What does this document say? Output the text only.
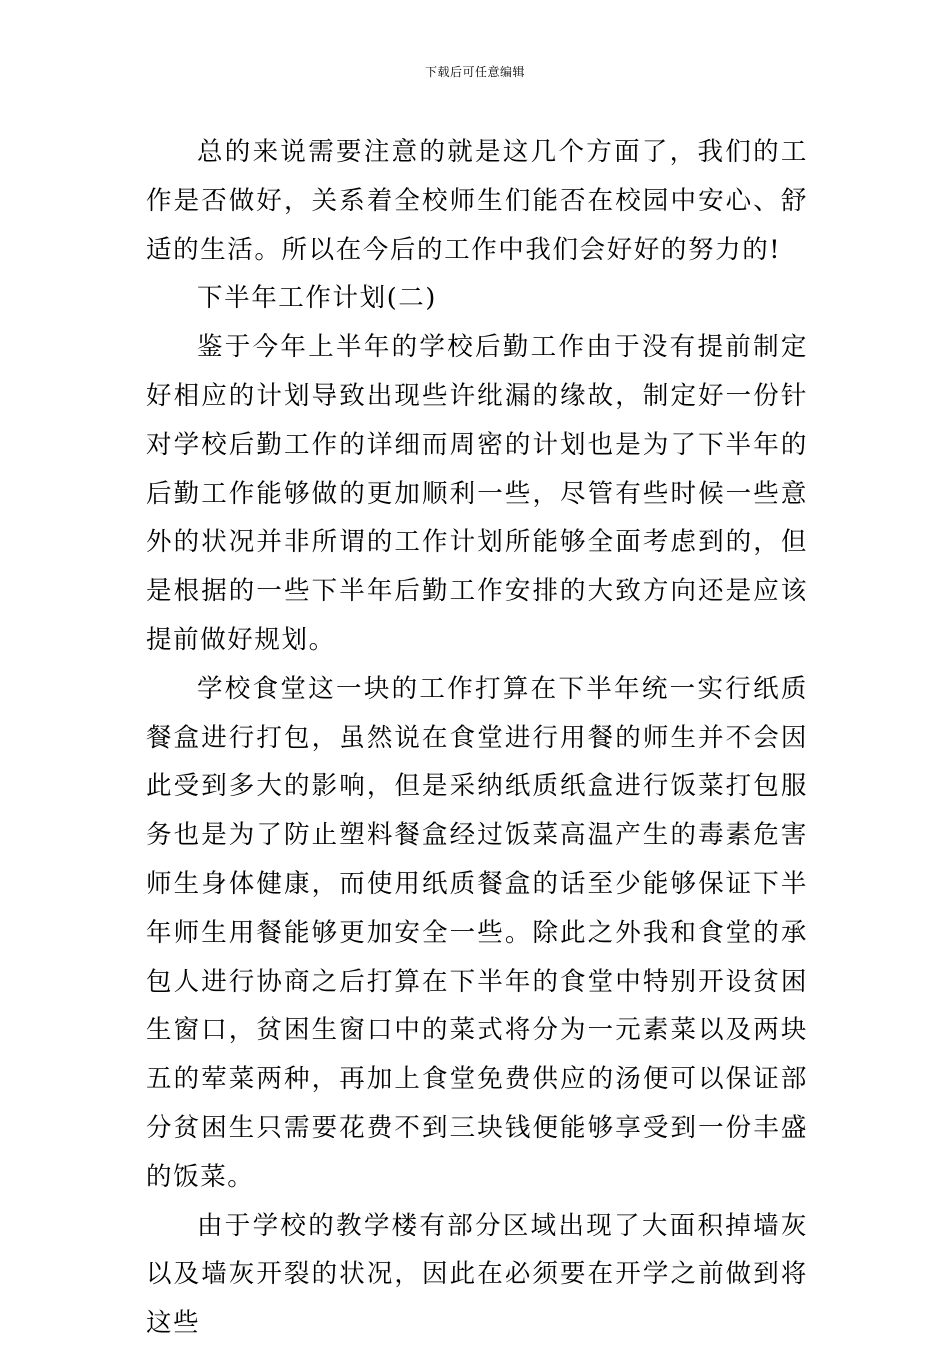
下载后可任意编辑

总的来说需要注意的就是这几个方面了，我们的工作是否做好，关系着全校师生们能否在校园中安心、舒适的生活。所以在今后的工作中我们会好好的努力的!

下半年工作计划(二)

鉴于今年上半年的学校后勤工作由于没有提前制定好相应的计划导致出现些许纰漏的缘故，制定好一份针对学校后勤工作的详细而周密的计划也是为了下半年的后勤工作能够做的更加顺利一些，尽管有些时候一些意外的状况并非所谓的工作计划所能够全面考虑到的，但是根据的一些下半年后勤工作安排的大致方向还是应该提前做好规划。

学校食堂这一块的工作打算在下半年统一实行纸质餐盒进行打包，虽然说在食堂进行用餐的师生并不会因此受到多大的影响，但是采纳纸质纸盒进行饭菜打包服务也是为了防止塑料餐盒经过饭菜高温产生的毒素危害师生身体健康，而使用纸质餐盒的话至少能够保证下半年师生用餐能够更加安全一些。除此之外我和食堂的承包人进行协商之后打算在下半年的食堂中特别开设贫困生窗口，贫困生窗口中的菜式将分为一元素菜以及两块五的荤菜两种，再加上食堂免费供应的汤便可以保证部分贫困生只需要花费不到三块钱便能够享受到一份丰盛的饭菜。

由于学校的教学楼有部分区域出现了大面积掉墙灰以及墙灰开裂的状况，因此在必须要在开学之前做到将这些
